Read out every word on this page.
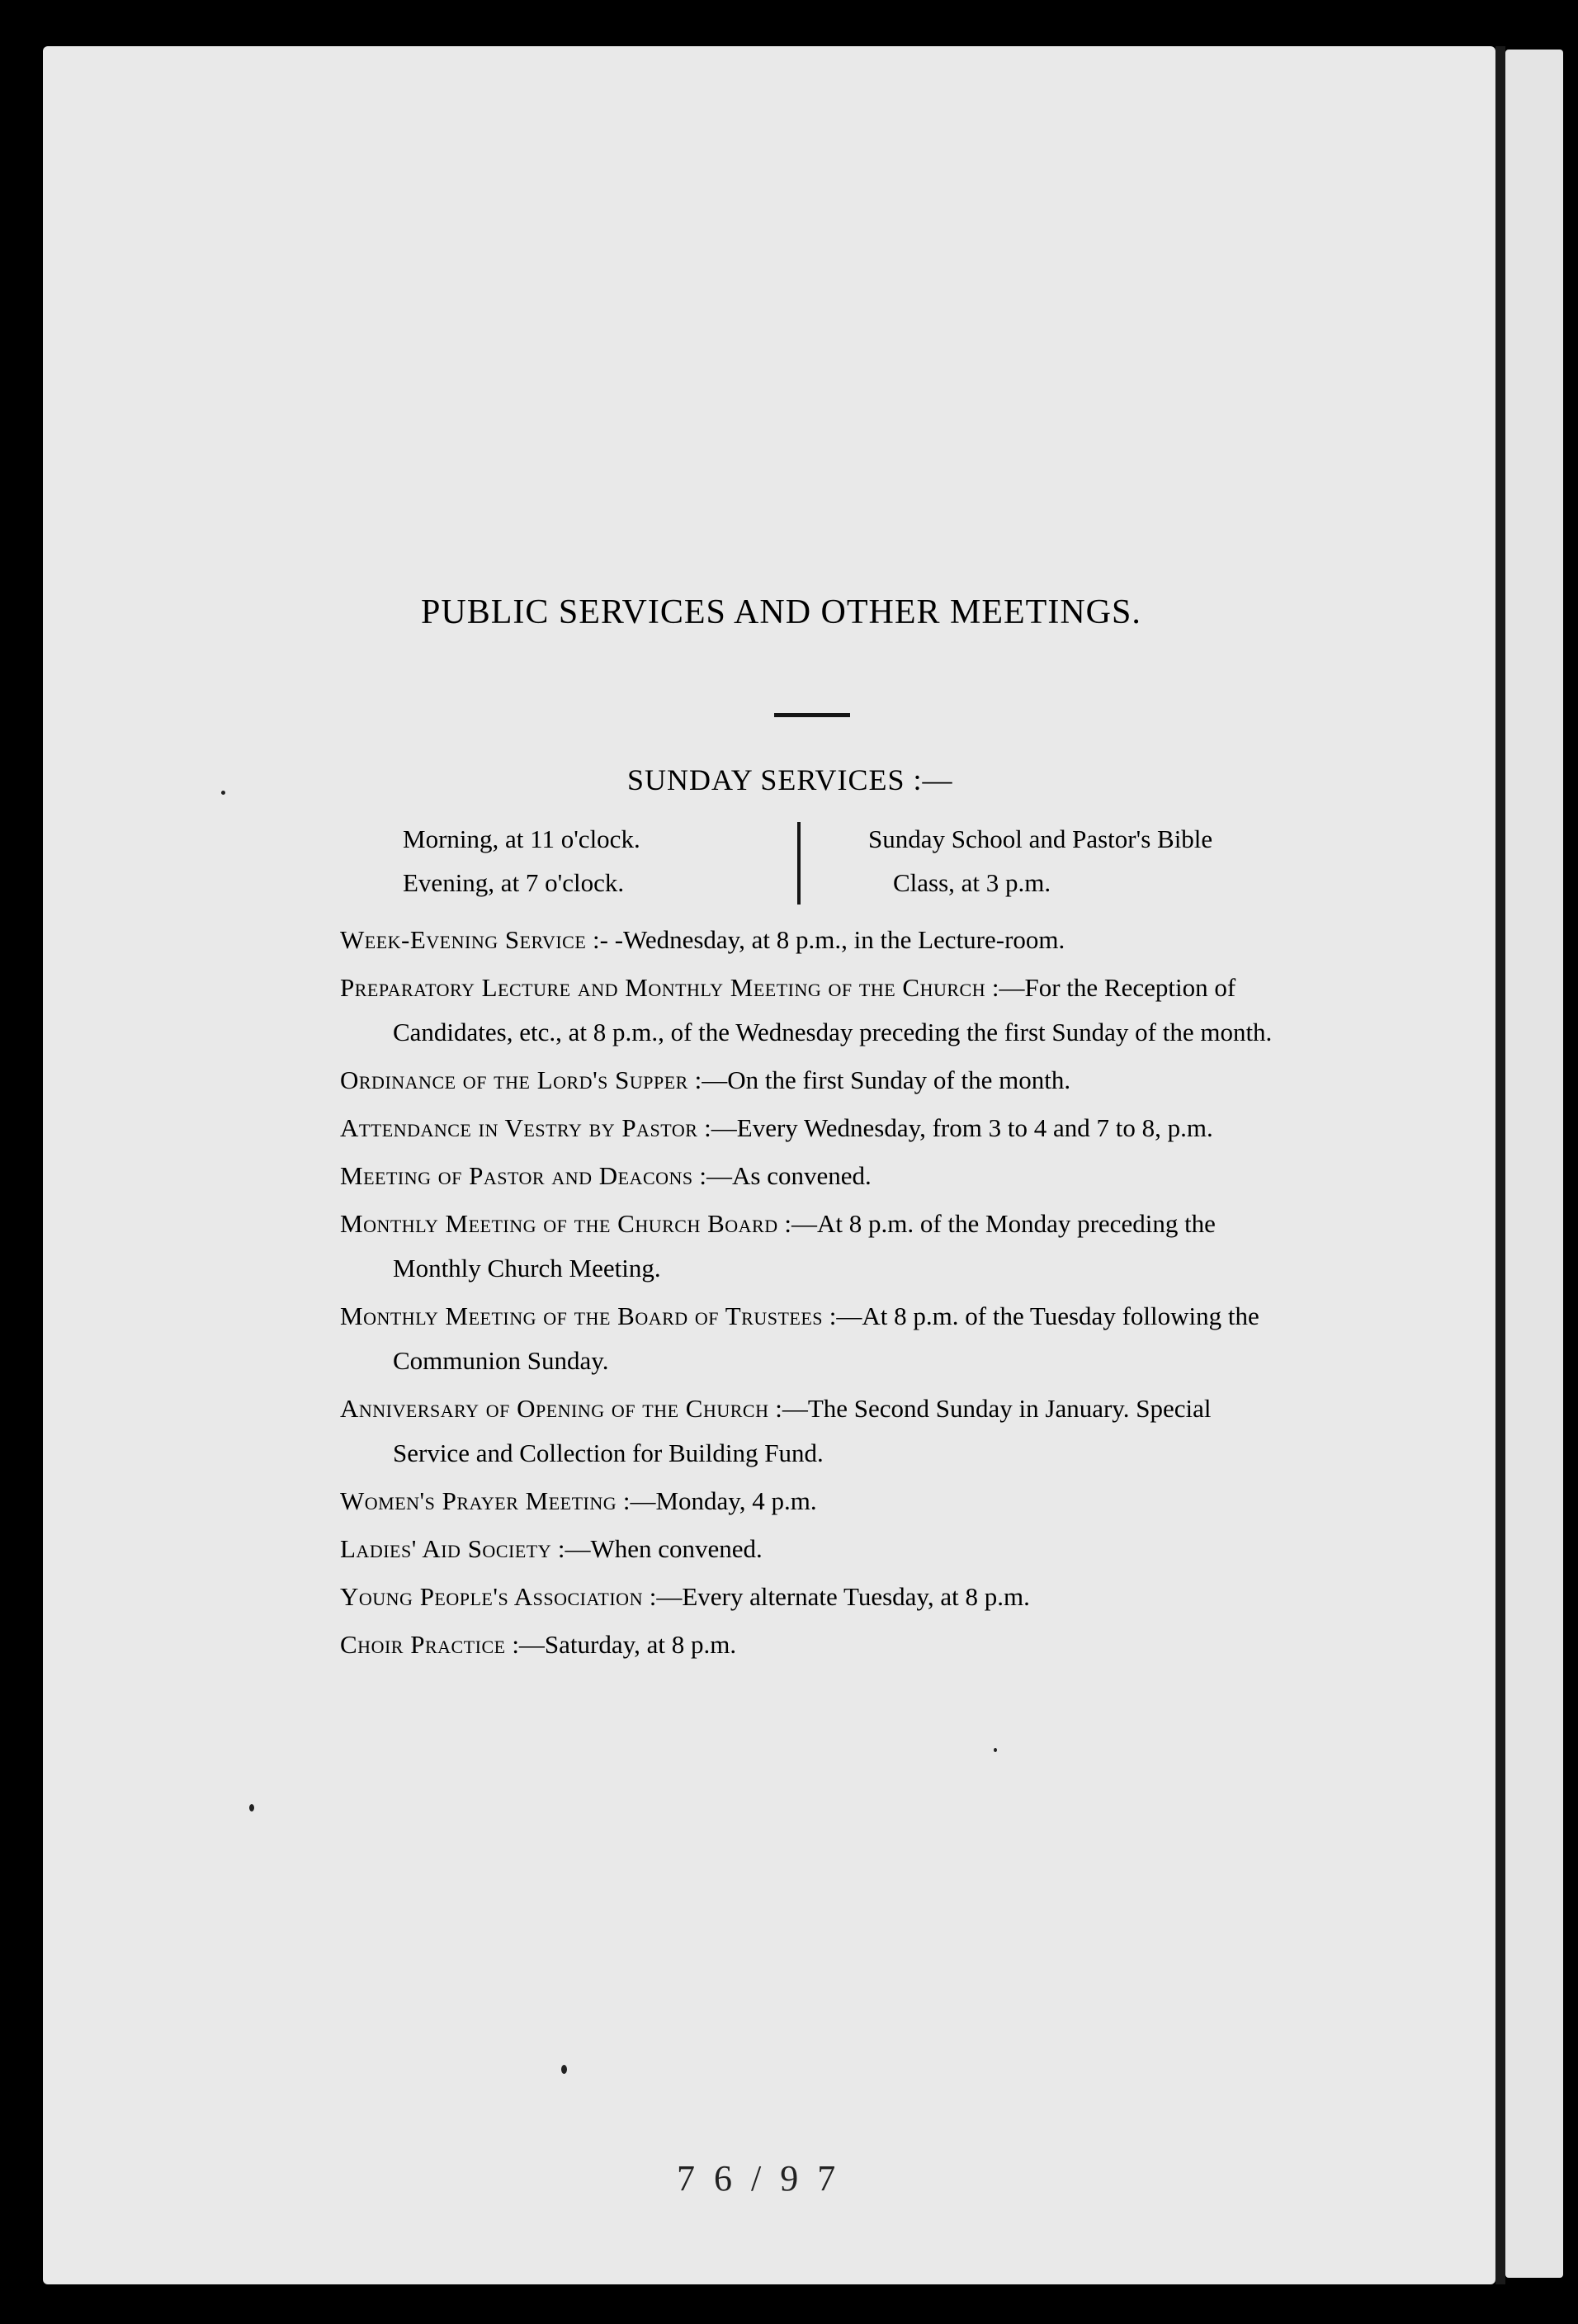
PUBLIC SERVICES AND OTHER MEETINGS.
SUNDAY SERVICES :—
Morning, at 11 o'clock.
Evening, at 7 o'clock.
Sunday School and Pastor's Bible
Class, at 3 p.m.
Week-Evening Service :- -Wednesday, at 8 p.m., in the Lecture-room.
Preparatory Lecture and Monthly Meeting of the Church :—For the Reception of Candidates, etc., at 8 p.m., of the Wednesday preceding the first Sunday of the month.
Ordinance of the Lord's Supper :—On the first Sunday of the month.
Attendance in Vestry by Pastor :—Every Wednesday, from 3 to 4 and 7 to 8, p.m.
Meeting of Pastor and Deacons :—As convened.
Monthly Meeting of the Church Board :—At 8 p.m. of the Monday preceding the Monthly Church Meeting.
Monthly Meeting of the Board of Trustees :—At 8 p.m. of the Tuesday following the Communion Sunday.
Anniversary of Opening of the Church :—The Second Sunday in January. Special Service and Collection for Building Fund.
Women's Prayer Meeting :—Monday, 4 p.m.
Ladies' Aid Society :—When convened.
Young People's Association :—Every alternate Tuesday, at 8 p.m.
Choir Practice :—Saturday, at 8 p.m.
7 6 / 9 7
